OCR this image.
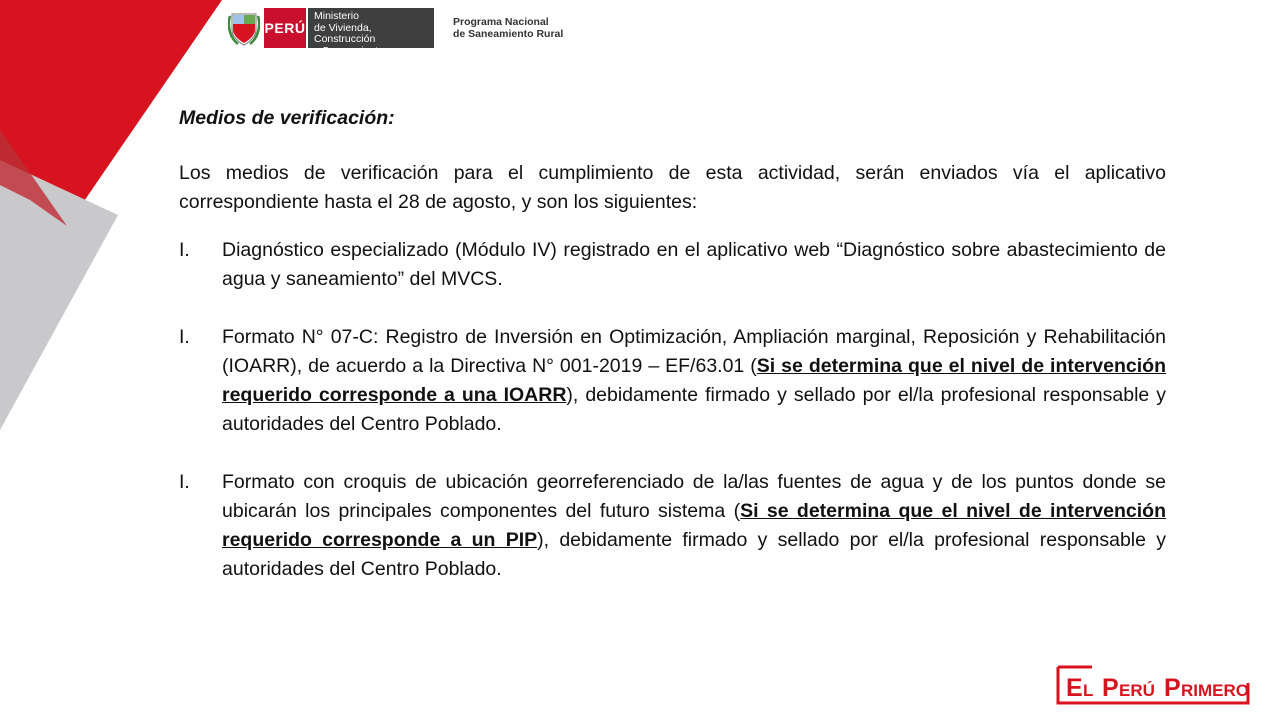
PERÚ
Ministerio
de Vivienda, Construcción
y Saneamiento
Programa Nacional
de Saneamiento Rural

Medios de verificación:

Los medios de verificación para el cumplimiento de esta actividad, serán enviados vía el aplicativo correspondiente hasta el 28 de agosto, y son los siguientes:

I. Diagnóstico especializado (Módulo IV) registrado en el aplicativo web “Diagnóstico sobre abastecimiento de agua y saneamiento” del MVCS.
I. Formato N° 07-C: Registro de Inversión en Optimización, Ampliación marginal, Reposición y Rehabilitación (IOARR), de acuerdo a la Directiva N° 001-2019 – EF/63.01 (Si se determina que el nivel de intervención requerido corresponde a una IOARR), debidamente firmado y sellado por el/la profesional responsable y autoridades del Centro Poblado.
I. Formato con croquis de ubicación georreferenciado de la/las fuentes de agua y de los puntos donde se ubicarán los principales componentes del futuro sistema (Si se determina que el nivel de intervención requerido corresponde a un PIP), debidamente firmado y sellado por el/la profesional responsable y autoridades del Centro Poblado.
E L P ERÚ P RIMERO
